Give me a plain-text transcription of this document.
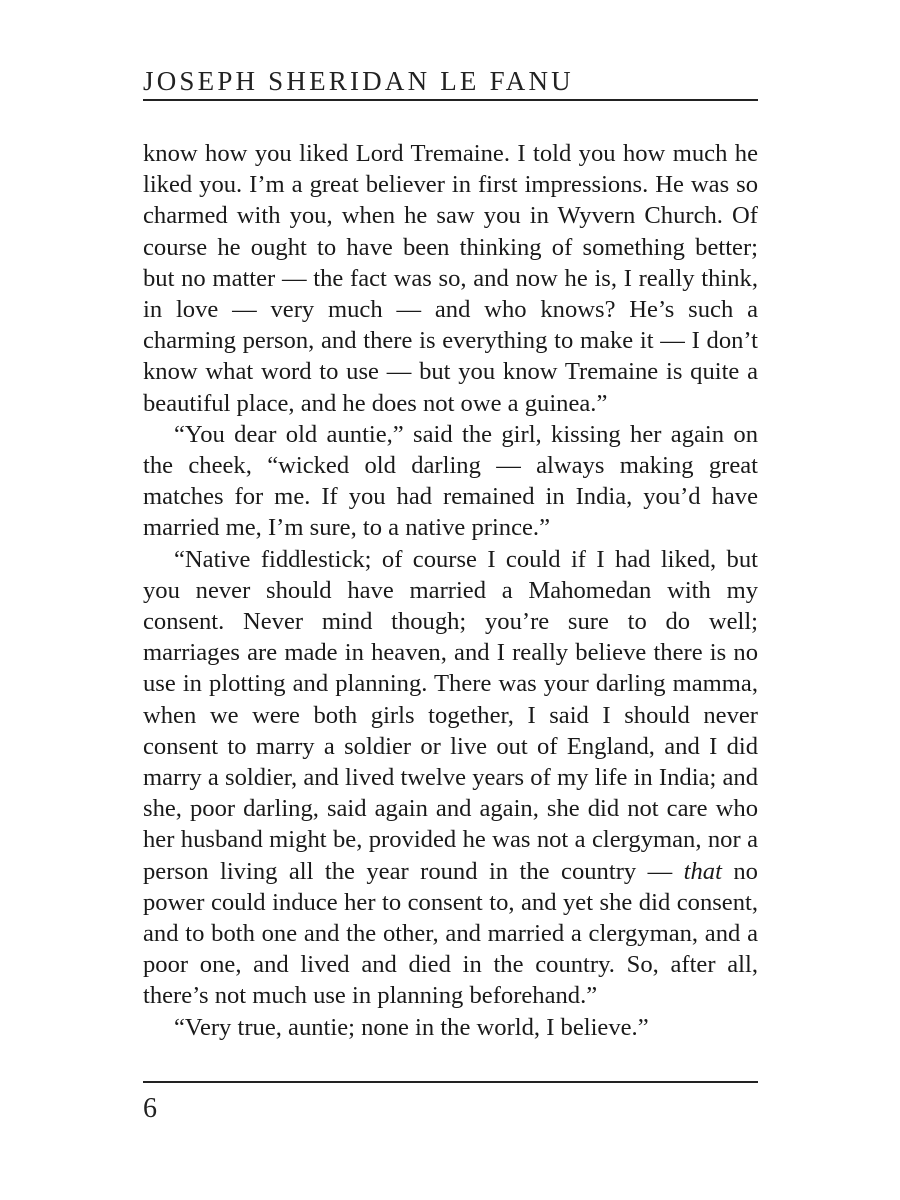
JOSEPH SHERIDAN LE FANU

know how you liked Lord Tremaine. I told you how much he liked you. I’m a great believer in first impressions. He was so charmed with you, when he saw you in Wyvern Church. Of course he ought to have been thinking of something better; but no matter — the fact was so, and now he is, I really think, in love — very much — and who knows? He’s such a charming person, and there is everything to make it — I don’t know what word to use — but you know Tremaine is quite a beautiful place, and he does not owe a guinea.”

“You dear old auntie,” said the girl, kissing her again on the cheek, “wicked old darling — always making great matches for me. If you had remained in India, you’d have married me, I’m sure, to a native prince.”

“Native fiddlestick; of course I could if I had liked, but you never should have married a Mahomedan with my consent. Never mind though; you’re sure to do well; marriages are made in heaven, and I really believe there is no use in plotting and planning. There was your darling mamma, when we were both girls together, I said I should never consent to marry a soldier or live out of England, and I did marry a soldier, and lived twelve years of my life in India; and she, poor darling, said again and again, she did not care who her husband might be, provided he was not a clergyman, nor a person living all the year round in the country — that no power could induce her to consent to, and yet she did consent, and to both one and the other, and married a clergyman, and a poor one, and lived and died in the country. So, after all, there’s not much use in planning beforehand.”

“Very true, auntie; none in the world, I believe.”

6
